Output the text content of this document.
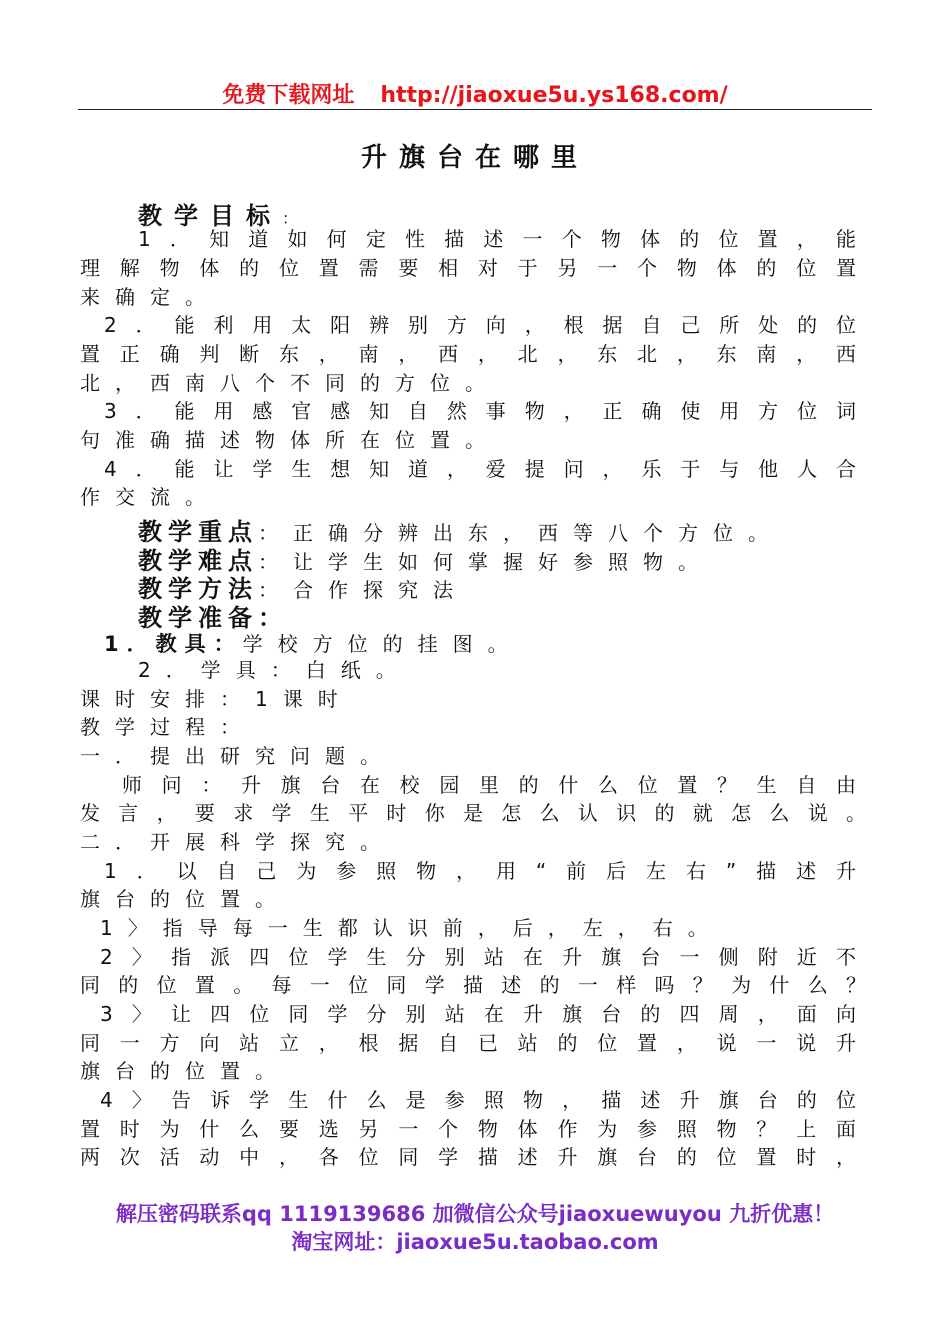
免费下载网址 http://jiaoxue5u.ys168.com/
升旗台在哪里
教学目标：
1．知道如何定性描述一个物体的位置，能
理解物体的位置需要相对于另一个物体的位置
来确定。
2．能利用太阳辨别方向，根据自己所处的位
置正确判断东，南，西，北，东北，东南，西
北，西南八个不同的方位。
3．能用感官感知自然事物，正确使用方位词
句准确描述物体所在位置。
4．能让学生想知道，爱提问，乐于与他人合
作交流。
教学重点：正确分辨出东，西等八个方位。
教学难点：让学生如何掌握好参照物。
教学方法：合作探究法
教学准备：
1．教具：学校方位的挂图。
2．学具：白纸。
课时安排：1课时
教学过程：
一．提出研究问题。
师问：升旗台在校园里的什么位置？生自由
发言，要求学生平时你是怎么认识的就怎么说。
二．开展科学探究。
1．以自己为参照物，用“前后左右”描述升
旗台的位置。
1〉指导每一生都认识前，后，左，右。
2〉指派四位学生分别站在升旗台一侧附近不
同的位置。每一位同学描述的一样吗？为什么？
3〉让四位同学分别站在升旗台的四周，面向
同一方向站立，根据自已站的位置，说一说升
旗台的位置。
4〉告诉学生什么是参照物，描述升旗台的位
置时为什么要选另一个物体作为参照物？上面
两次活动中，各位同学描述升旗台的位置时，
解压密码联系qq 1119139686 加微信公众号jiaoxuewuyou 九折优惠！
淘宝网址：jiaoxue5u.taobao.com
